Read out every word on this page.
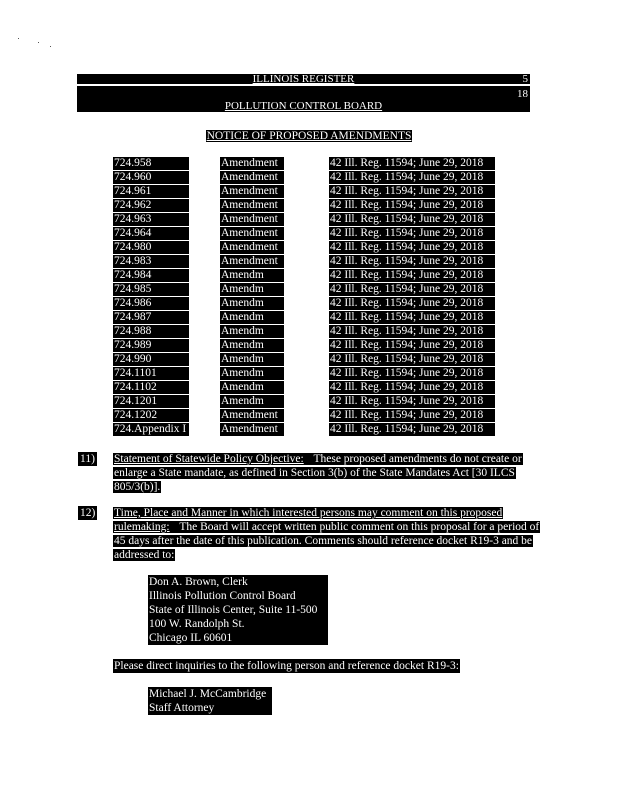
ILLINOIS REGISTER	5
18
POLLUTION CONTROL BOARD
NOTICE OF PROPOSED AMENDMENTS
724.958	Amendment	42 Ill. Reg. 11594; June 29, 2018
724.960	Amendment	42 Ill. Reg. 11594; June 29, 2018
724.961	Amendment	42 Ill. Reg. 11594; June 29, 2018
724.962	Amendment	42 Ill. Reg. 11594; June 29, 2018
724.963	Amendment	42 Ill. Reg. 11594; June 29, 2018
724.964	Amendment	42 Ill. Reg. 11594; June 29, 2018
724.980	Amendment	42 Ill. Reg. 11594; June 29, 2018
724.983	Amendment	42 Ill. Reg. 11594; June 29, 2018
724.984	Amendm	42 Ill. Reg. 11594; June 29, 2018
724.985	Amendm	42 Ill. Reg. 11594; June 29, 2018
724.986	Amendm	42 Ill. Reg. 11594; June 29, 2018
724.987	Amendm	42 Ill. Reg. 11594; June 29, 2018
724.988	Amendm	42 Ill. Reg. 11594; June 29, 2018
724.989	Amendm	42 Ill. Reg. 11594; June 29, 2018
724.990	Amendm	42 Ill. Reg. 11594; June 29, 2018
724.1101	Amendm	42 Ill. Reg. 11594; June 29, 2018
724.1102	Amendm	42 Ill. Reg. 11594; June 29, 2018
724.1201	Amendm	42 Ill. Reg. 11594; June 29, 2018
724.1202	Amendment	42 Ill. Reg. 11594; June 29, 2018
724.Appendix I	Amendment	42 Ill. Reg. 11594; June 29, 2018
11) Statement of Statewide Policy Objective: These proposed amendments do not create or enlarge a State mandate, as defined in Section 3(b) of the State Mandates Act [30 ILCS 805/3(b)].
12) Time, Place and Manner in which interested persons may comment on this proposed rulemaking: The Board will accept written public comment on this proposal for a period of 45 days after the date of this publication. Comments should reference docket R19-3 and be addressed to:
Don A. Brown, Clerk
Illinois Pollution Control Board
State of Illinois Center, Suite 11-500
100 W. Randolph St.
Chicago IL 60601
Please direct inquiries to the following person and reference docket R19-3:
Michael J. McCambridge
Staff Attorney
